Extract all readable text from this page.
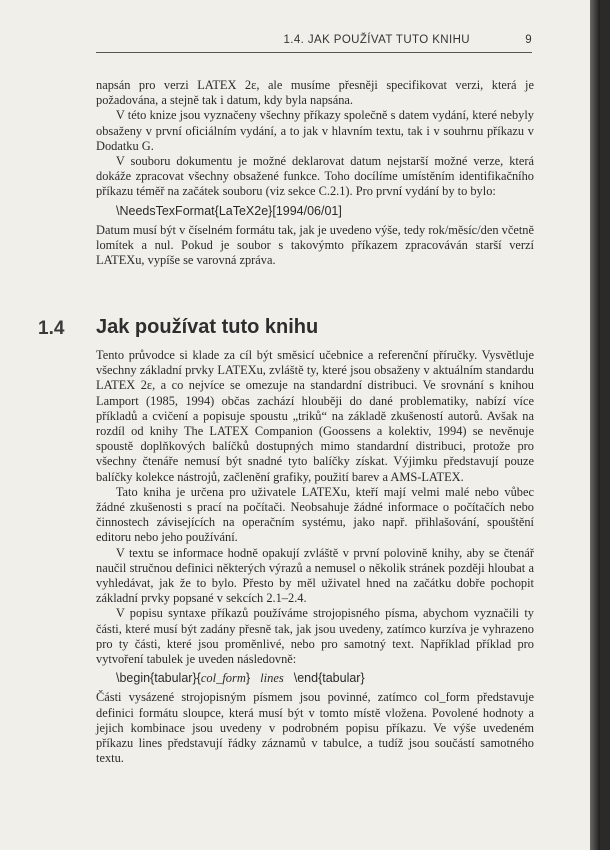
1.4. JAK POUŽÍVAT TUTO KNIHU	9

napsán pro verzi LATEX 2ε, ale musíme přesněji specifikovat verzi, která je požadována, a stejně tak i datum, kdy byla napsána.

V této knize jsou vyznačeny všechny příkazy společně s datem vydání, které nebyly obsaženy v první oficiálním vydání, a to jak v hlavním textu, tak i v souhrnu příkazu v Dodatku G.

V souboru dokumentu je možné deklarovat datum nejstarší možné verze, která dokáže zpracovat všechny obsažené funkce. Toho docílíme umístěním identifikačního příkazu téměř na začátek souboru (viz sekce C.2.1). Pro první vydání by to bylo:

\NeedsTexFormat{LaTeX2e}[1994/06/01]

Datum musí být v číselném formátu tak, jak je uvedeno výše, tedy rok/měsíc/den včetně lomítek a nul. Pokud je soubor s takovýmto příkazem zpracováván starší verzí LATEXu, vypíše se varovná zpráva.

1.4 Jak používat tuto knihu

Tento průvodce si klade za cíl být směsicí učebnice a referenční příručky. Vysvětluje všechny základní prvky LATEXu, zvláště ty, které jsou obsaženy v aktuálním standardu LATEX 2ε, a co nejvíce se omezuje na standardní distribuci. Ve srovnání s knihou Lamport (1985, 1994) občas zachází hlouběji do dané problematiky, nabízí více příkladů a cvičení a popisuje spoustu „triků“ na základě zkušeností autorů. Avšak na rozdíl od knihy The LATEX Companion (Goossens a kolektiv, 1994) se nevěnuje spoustě doplňkových balíčků dostupných mimo standardní distribuci, protože pro všechny čtenáře nemusí být snadné tyto balíčky získat. Výjimku představují pouze balíčky kolekce nástrojů, začlenění grafiky, použití barev a AMS-LATEX.

Tato kniha je určena pro uživatele LATEXu, kteří mají velmi malé nebo vůbec žádné zkušenosti s prací na počítači. Neobsahuje žádné informace o počítačích nebo činnostech závisejících na operačním systému, jako např. přihlašování, spouštění editoru nebo jeho používání.

V textu se informace hodně opakují zvláště v první polovině knihy, aby se čtenář naučil stručnou definici některých výrazů a nemusel o několik stránek později hloubat a vyhledávat, jak že to bylo. Přesto by měl uživatel hned na začátku dobře pochopit základní prvky popsané v sekcích 2.1–2.4.

V popisu syntaxe příkazů používáme strojopisného písma, abychom vyznačili ty části, které musí být zadány přesně tak, jak jsou uvedeny, zatímco kurzíva je vyhrazeno pro ty části, které jsou proměnlivé, nebo pro samotný text. Například příklad pro vytvoření tabulek je uveden následovně:

\begin{tabular}{col_form} lines \end{tabular}

Části vysázené strojopisným písmem jsou povinné, zatímco col_form představuje definici formátu sloupce, která musí být v tomto místě vložena. Povolené hodnoty a jejich kombinace jsou uvedeny v podrobném popisu příkazu. Ve výše uvedeném příkazu lines představují řádky záznamů v tabulce, a tudíž jsou součástí samotného textu.
